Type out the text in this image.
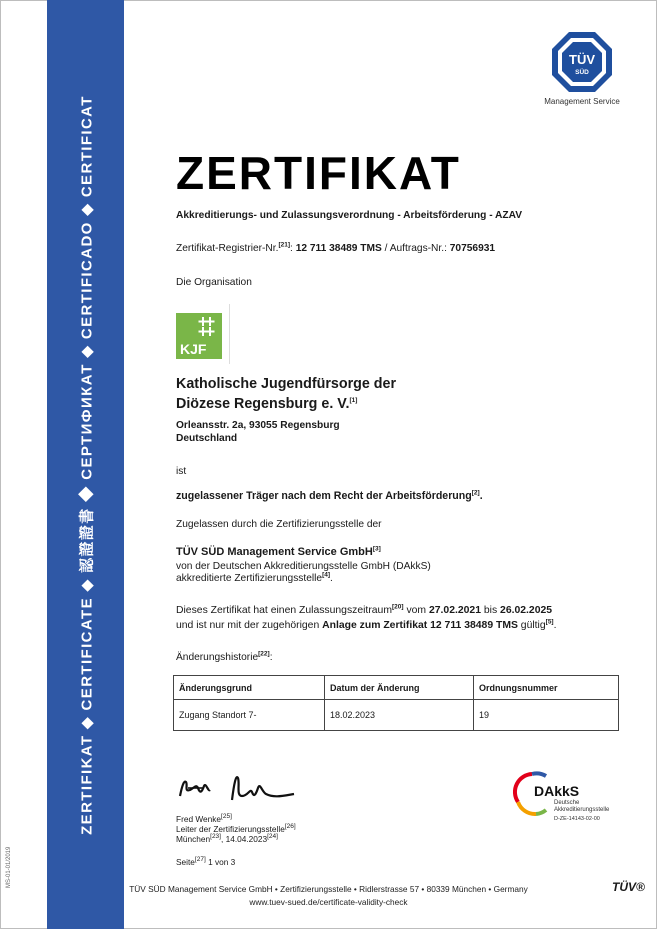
ZERTIFIKAT ◆ CERTIFICATE ◆ 認證證書 ◆ СЕРТИФИКАТ ◆ CERTIFICADO ◆ CERTIFICAT
MS-01-01/2019
TÜV
SÜD
Management Service
ZERTIFIKAT
Akkreditierungs- und Zulassungsverordnung - Arbeitsförderung - AZAV
Zertifikat-Registrier-Nr.[21]: 12 711 38489 TMS / Auftrags-Nr.: 70756931
Die Organisation
KJF
Katholische Jugendfürsorge der
Diözese Regensburg e. V.[1]
Orleansstr. 2a, 93055 Regensburg
Deutschland
ist
zugelassener Träger nach dem Recht der Arbeitsförderung[2].
Zugelassen durch die Zertifizierungsstelle der
TÜV SÜD Management Service GmbH[3]
von der Deutschen Akkreditierungsstelle GmbH (DAkkS)
akkreditierte Zertifizierungsstelle[4].
Dieses Zertifikat hat einen Zulassungszeitraum[20] vom 27.02.2021 bis 26.02.2025
und ist nur mit der zugehörigen Anlage zum Zertifikat 12 711 38489 TMS gültig[5].
Änderungshistorie[22]:
Änderungsgrund	Datum der Änderung	Ordnungsnummer
Zugang Standort 7-	18.02.2023	19
Fred Wenke[25]
Leiter der Zertifizierungsstelle[26]
München[23], 14.04.2023[24]
Seite[27] 1 von 3
DAkkS
Deutsche
Akkreditierungsstelle
D-ZE-14143-02-00
TÜV SÜD Management Service GmbH • Zertifizierungsstelle • Ridlerstrasse 57 • 80339 München • Germany
www.tuev-sued.de/certificate-validity-check
TÜV®
